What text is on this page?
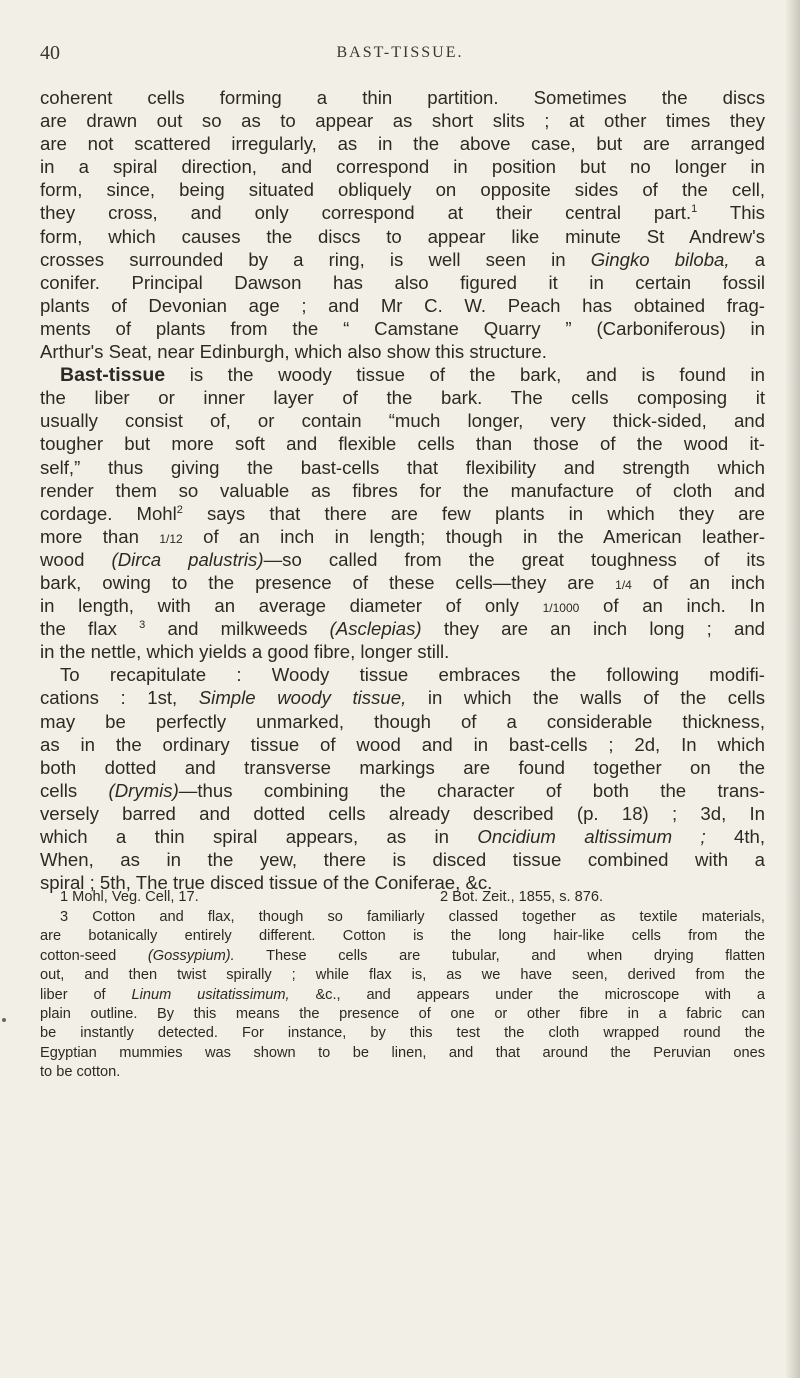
40	BAST-TISSUE.
coherent cells forming a thin partition. Sometimes the discs
are drawn out so as to appear as short slits ; at other times they
are not scattered irregularly, as in the above case, but are arranged
in a spiral direction, and correspond in position but no longer in
form, since, being situated obliquely on opposite sides of the cell,
they cross, and only correspond at their central part.$^1$ This
form, which causes the discs to appear like minute St Andrew's
crosses surrounded by a ring, is well seen in Gingko biloba, a
conifer. Principal Dawson has also figured it in certain fossil
plants of Devonian age ; and Mr C. W. Peach has obtained frag-
ments of plants from the “ Camstane Quarry ” (Carboniferous) in
Arthur's Seat, near Edinburgh, which also show this structure.
Bast-tissue is the woody tissue of the bark, and is found in
the liber or inner layer of the bark. The cells composing it
usually consist of, or contain “much longer, very thick-sided, and
tougher but more soft and flexible cells than those of the wood it-
self,” thus giving the bast-cells that flexibility and strength which
render them so valuable as fibres for the manufacture of cloth and
cordage. Mohl$^2$ says that there are few plants in which they are
more than 1/12 of an inch in length; though in the American leather-
wood (Dirca palustris)—so called from the great toughness of its
bark, owing to the presence of these cells—they are 1/4 of an inch
in length, with an average diameter of only 1/1000 of an inch. In
the flax $^3$ and milkweeds (Asclepias) they are an inch long ; and
in the nettle, which yields a good fibre, longer still.
To recapitulate : Woody tissue embraces the following modifi-
cations : 1st, Simple woody tissue, in which the walls of the cells
may be perfectly unmarked, though of a considerable thickness,
as in the ordinary tissue of wood and in bast-cells ; 2d, In which
both dotted and transverse markings are found together on the
cells (Drymis)—thus combining the character of both the trans-
versely barred and dotted cells already described (p. 18) ; 3d, In
which a thin spiral appears, as in Oncidium altissimum ; 4th,
When, as in the yew, there is disced tissue combined with a
spiral ; 5th, The true disced tissue of the Coniferae, &c.
1 Mohl, Veg. Cell, 17.	2 Bot. Zeit., 1855, s. 876.
3 Cotton and flax, though so familiarly classed together as textile materials,
are botanically entirely different. Cotton is the long hair-like cells from the
cotton-seed (Gossypium). These cells are tubular, and when drying flatten
out, and then twist spirally ; while flax is, as we have seen, derived from the
liber of Linum usitatissimum, &c., and appears under the microscope with a
plain outline. By this means the presence of one or other fibre in a fabric can
be instantly detected. For instance, by this test the cloth wrapped round the
Egyptian mummies was shown to be linen, and that around the Peruvian ones
to be cotton.
